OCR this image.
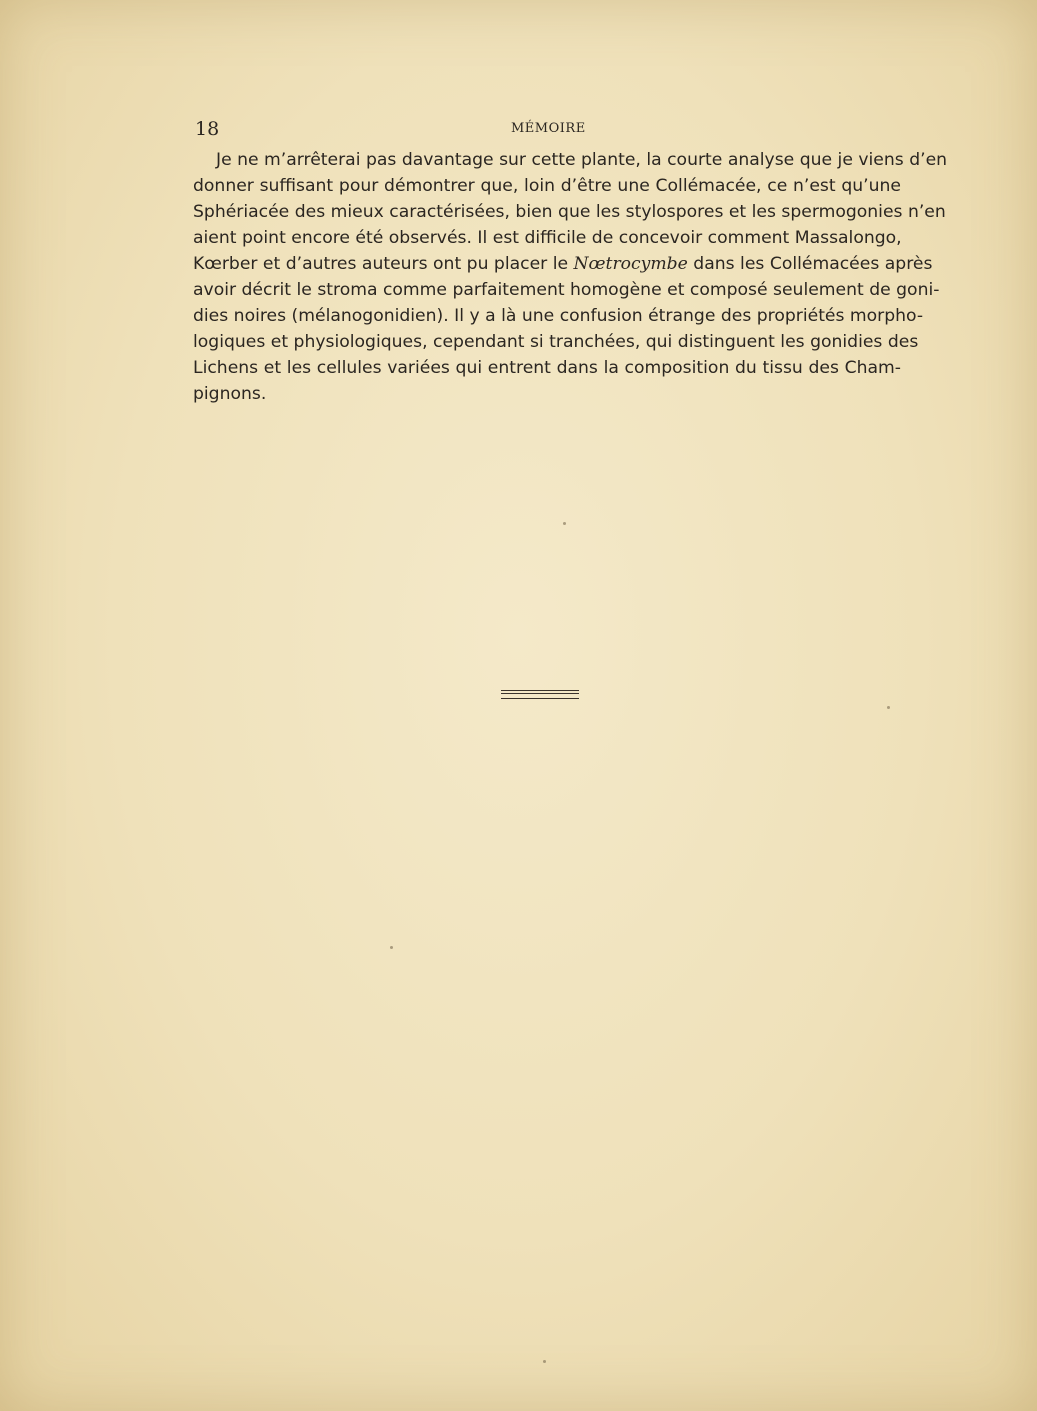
18	MÉMOIRE
Je ne m’arrêterai pas davantage sur cette plante, la courte analyse que je viens d’en
donner suffisant pour démontrer que, loin d’être une Collémacée, ce n’est qu’une
Sphériacée des mieux caractérisées, bien que les stylospores et les spermogonies n’en
aient point encore été observés. Il est difficile de concevoir comment Massalongo,
Kœrber et d’autres auteurs ont pu placer le Nœtrocymbe dans les Collémacées après
avoir décrit le stroma comme parfaitement homogène et composé seulement de goni-
dies noires (mélanogonidien). Il y a là une confusion étrange des propriétés morpho-
logiques et physiologiques, cependant si tranchées, qui distinguent les gonidies des
Lichens et les cellules variées qui entrent dans la composition du tissu des Cham-
pignons.
